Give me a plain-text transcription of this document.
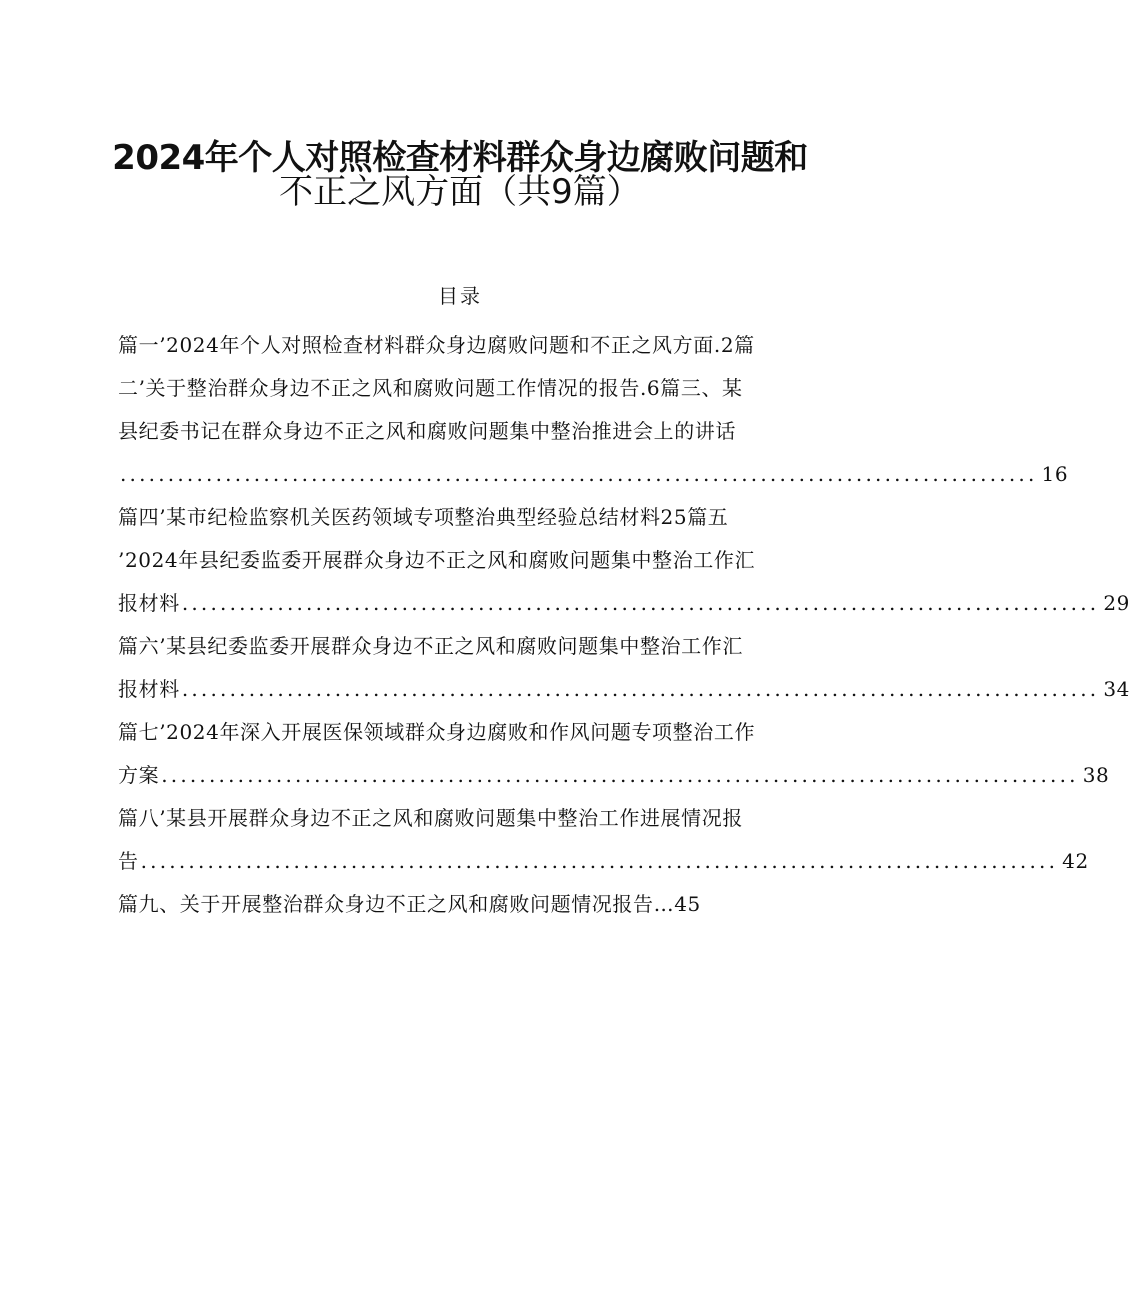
2024年个人对照检查材料群众身边腐败问题和
不正之风方面（共9篇）
目录
篇一’2024年个人对照检查材料群众身边腐败问题和不正之风方面.2篇
二’关于整治群众身边不正之风和腐败问题工作情况的报告.6篇三、某
县纪委书记在群众身边不正之风和腐败问题集中整治推进会上的讲话
................................................................................................ 16
篇四’某市纪检监察机关医药领域专项整治典型经验总结材料25篇五
’2024年县纪委监委开展群众身边不正之风和腐败问题集中整治工作汇
报材料 ................................................................................................ 29
篇六’某县纪委监委开展群众身边不正之风和腐败问题集中整治工作汇
报材料 ................................................................................................ 34
篇七’2024年深入开展医保领域群众身边腐败和作风问题专项整治工作
方案 ................................................................................................ 38
篇八’某县开展群众身边不正之风和腐败问题集中整治工作进展情况报
告 ................................................................................................ 42
篇九、关于开展整治群众身边不正之风和腐败问题情况报告…45
